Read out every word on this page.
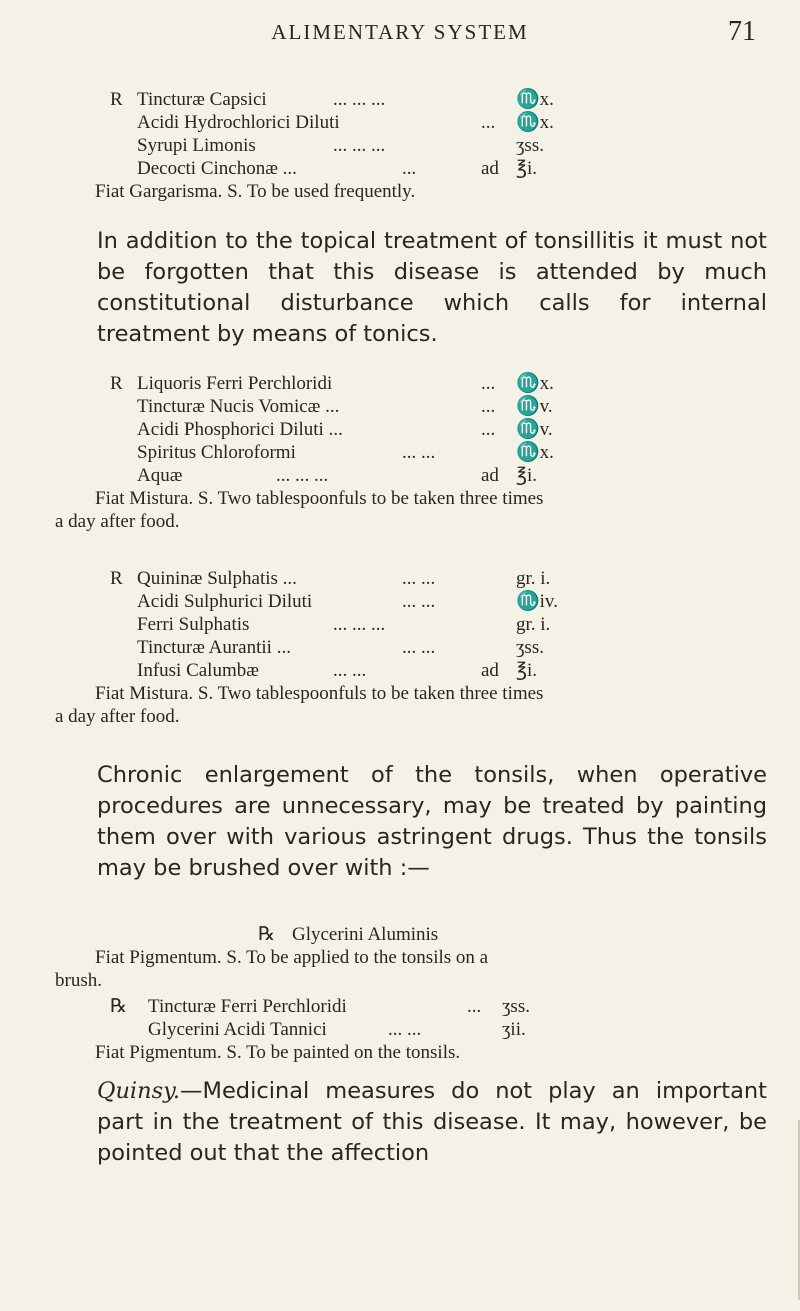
ALIMENTARY SYSTEM	71
R Tincturæ Capsici	... ... ...	♏x.
Acidi Hydrochlorici Diluti	... ♏x.
Syrupi Limonis	... ... ...	ʒss.
Decocti Cinchonæ ...	...	ad ℥i.
Fiat Gargarisma. S. To be used frequently.
In addition to the topical treatment of tonsillitis it must not be forgotten that this disease is attended by much constitutional disturbance which calls for internal treatment by means of tonics.
R Liquoris Ferri Perchloridi	... ♏x.
Tincturæ Nucis Vomicæ ...	... ♏v.
Acidi Phosphorici Diluti ...	... ♏v.
Spiritus Chloroformi	... ...	♏x.
Aquæ	... ... ...	ad ℥i.
Fiat Mistura. S. Two tablespoonfuls to be taken three times
a day after food.
R Quininæ Sulphatis ...	... ...	gr. i.
Acidi Sulphurici Diluti	... ...	♏iv.
Ferri Sulphatis	... ... ...	gr. i.
Tincturæ Aurantii ...	... ...	ʒss.
Infusi Calumbæ	... ...	ad ℥i.
Fiat Mistura. S. Two tablespoonfuls to be taken three times
a day after food.
Chronic enlargement of the tonsils, when operative procedures are unnecessary, may be treated by painting them over with various astringent drugs. Thus the tonsils may be brushed over with :—
℞ Glycerini Aluminis
Fiat Pigmentum. S. To be applied to the tonsils on a
brush.
℞ Tincturæ Ferri Perchloridi	... ʒss.
Glycerini Acidi Tannici	... ...	ʒii.
Fiat Pigmentum. S. To be painted on the tonsils.
Quinsy.—Medicinal measures do not play an important part in the treatment of this disease. It may, however, be pointed out that the affection
